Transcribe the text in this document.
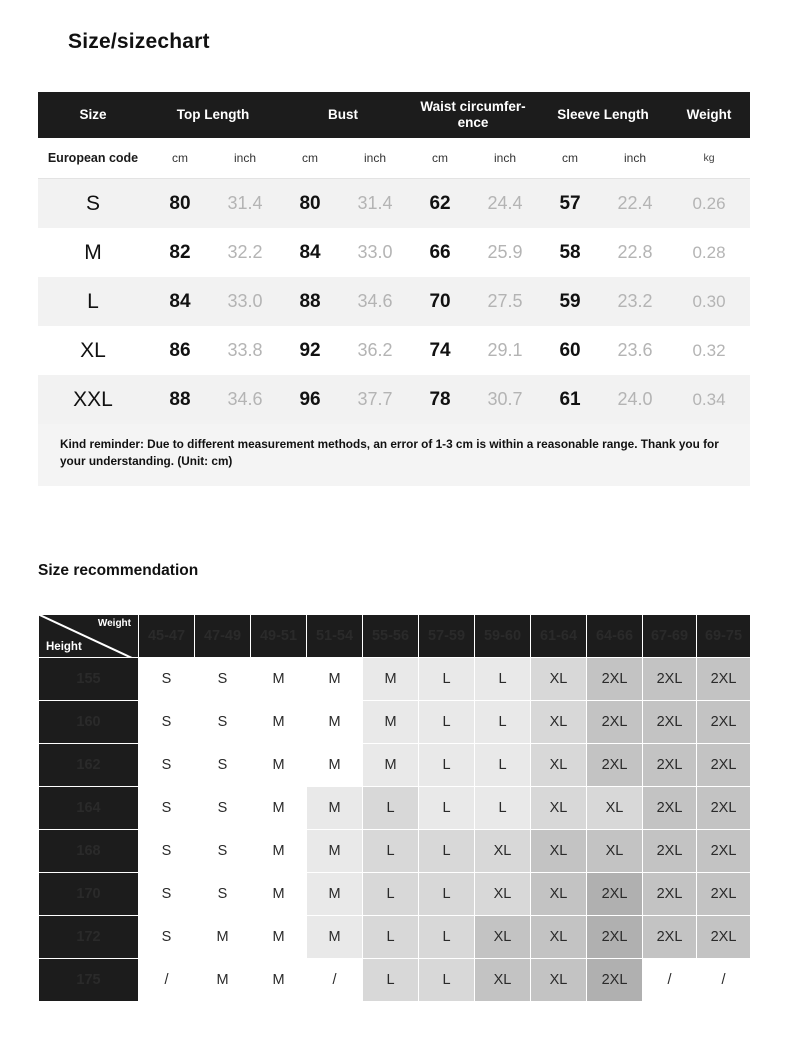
Size/sizechart
Size	Top Length		Bust		Waist circumfer-ence		Sleeve Length		Weight
European code	cm	inch	cm	inch	cm	inch	cm	inch	kg
S	80	31.4	80	31.4	62	24.4	57	22.4	0.26
M	82	32.2	84	33.0	66	25.9	58	22.8	0.28
L	84	33.0	88	34.6	70	27.5	59	23.2	0.30
XL	86	33.8	92	36.2	74	29.1	60	23.6	0.32
XXL	88	34.6	96	37.7	78	30.7	61	24.0	0.34
Kind reminder: Due to different measurement methods, an error of 1-3 cm is within a reasonable range. Thank you for your understanding. (Unit: cm)									
Size recommendation
Weight
Height	45-47	47-49	49-51	51-54	55-56	57-59	59-60	61-64	64-66	67-69	69-75
155	S	S	M	M	M	L	L	XL	2XL	2XL	2XL
160	S	S	M	M	M	L	L	XL	2XL	2XL	2XL
162	S	S	M	M	M	L	L	XL	2XL	2XL	2XL
164	S	S	M	M	L	L	L	XL	XL	2XL	2XL
168	S	S	M	M	L	L	XL	XL	XL	2XL	2XL
170	S	S	M	M	L	L	XL	XL	2XL	2XL	2XL
172	S	M	M	M	L	L	XL	XL	2XL	2XL	2XL
175	/	M	M	/	L	L	XL	XL	2XL	/	/
